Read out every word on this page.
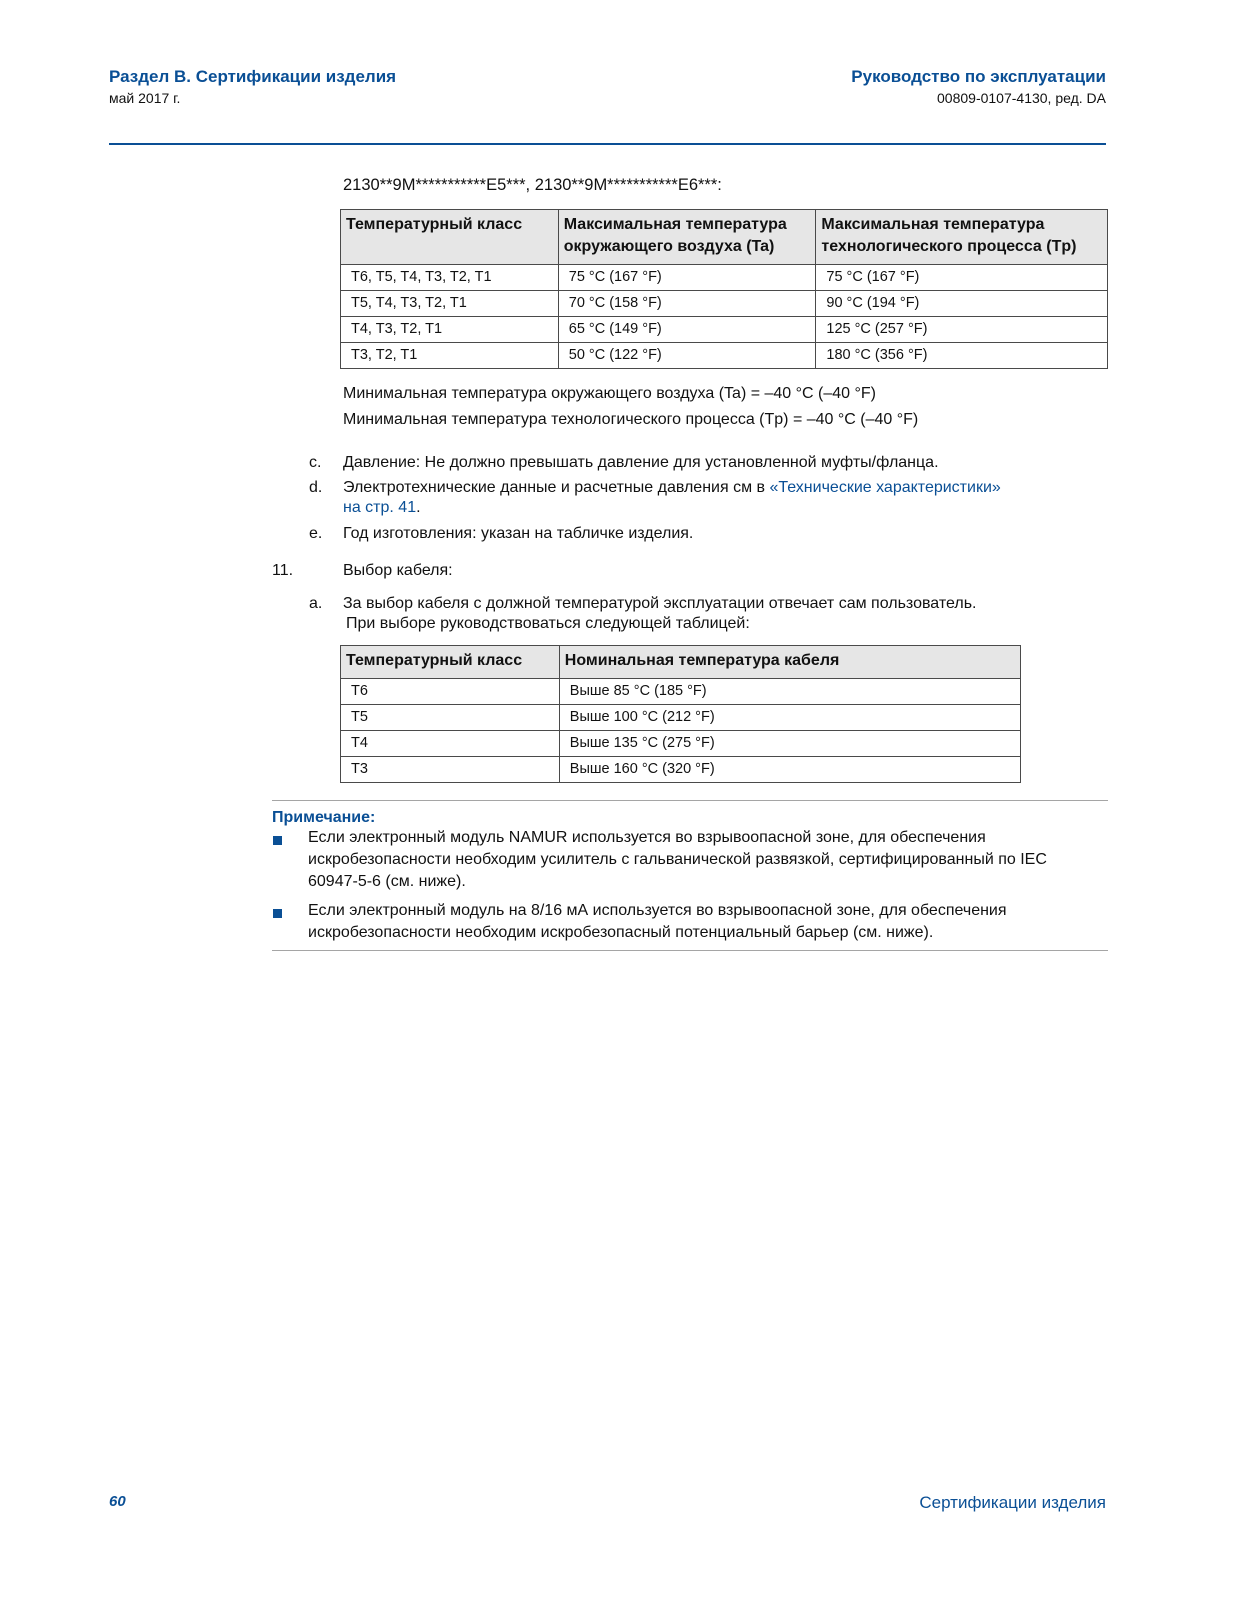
Раздел В. Сертификации изделия
май 2017 г.
Руководство по эксплуатации
00809-0107-4130, ред. DA
2130**9M***********E5***, 2130**9M***********E6***:
Температурный класс	Максимальная температура окружающего воздуха (Ta)	Максимальная температура технологического процесса (Tp)
T6, T5, T4, T3, T2, T1	75 °C (167 °F)	75 °C (167 °F)
T5, T4, T3, T2, T1	70 °C (158 °F)	90 °C (194 °F)
T4, T3, T2, T1	65 °C (149 °F)	125 °C (257 °F)
T3, T2, T1	50 °C (122 °F)	180 °C (356 °F)
Минимальная температура окружающего воздуха (Ta) = –40 °C (–40 °F)
Минимальная температура технологического процесса (Tp) = –40 °C (–40 °F)
c. Давление: Не должно превышать давление для установленной муфты/фланца.
d. Электротехнические данные и расчетные давления см в «Технические характеристики»
на стр. 41.
e. Год изготовления: указан на табличке изделия.
11.	Выбор кабеля:
a. За выбор кабеля с должной температурой эксплуатации отвечает сам пользователь.
При выборе руководствоваться следующей таблицей:
Температурный класс	Номинальная температура кабеля
T6	Выше 85 °C (185 °F)
T5	Выше 100 °C (212 °F)
T4	Выше 135 °C (275 °F)
T3	Выше 160 °C (320 °F)
Примечание:
Если электронный модуль NAMUR используется во взрывоопасной зоне, для обеспечения
искробезопасности необходим усилитель с гальванической развязкой, сертифицированный по IEC
60947-5-6 (см. ниже).
Если электронный модуль на 8/16 мА используется во взрывоопасной зоне, для обеспечения
искробезопасности необходим искробезопасный потенциальный барьер (см. ниже).
60	Сертификации изделия
